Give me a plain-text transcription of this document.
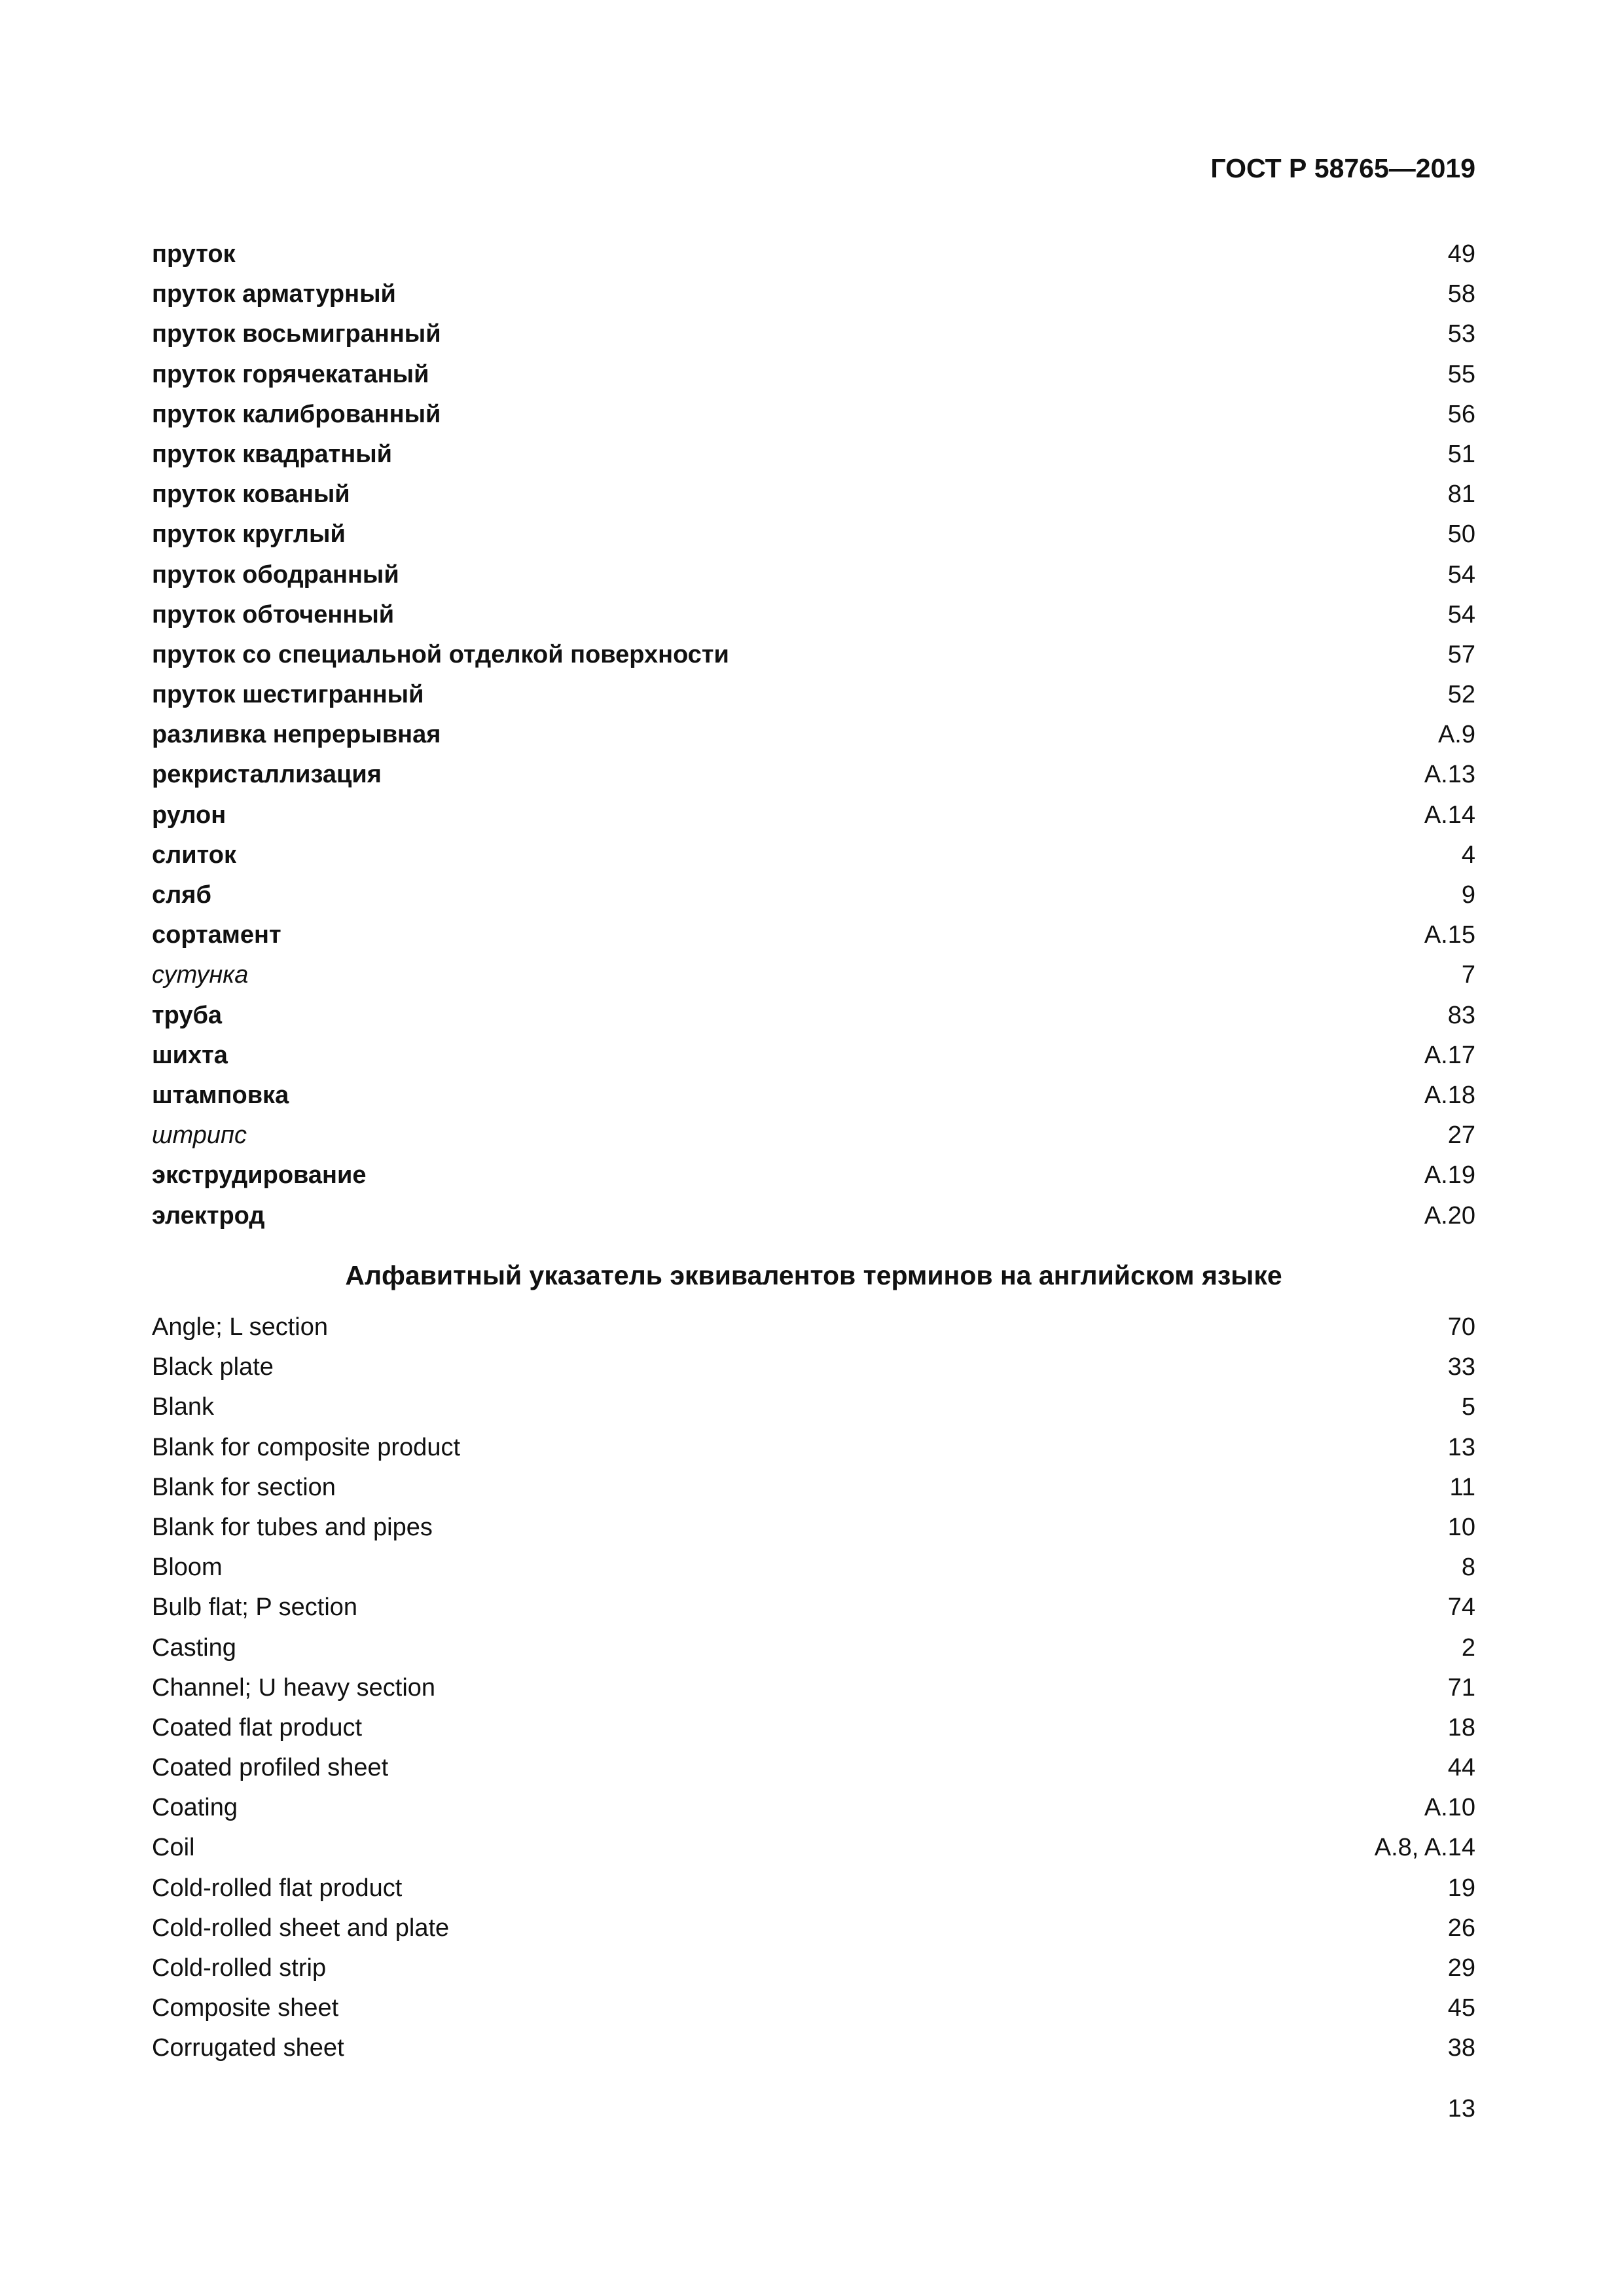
ГОСТ Р 58765—2019
пруток	49
пруток арматурный	58
пруток восьмигранный	53
пруток горячекатаный	55
пруток калиброванный	56
пруток квадратный	51
пруток кованый	81
пруток круглый	50
пруток ободранный	54
пруток обточенный	54
пруток со специальной отделкой поверхности	57
пруток шестигранный	52
разливка непрерывная	А.9
рекристаллизация	А.13
рулон	А.14
слиток	4
сляб	9
сортамент	А.15
сутунка	7
труба	83
шихта	А.17
штамповка	А.18
штрипс	27
экструдирование	А.19
электрод	А.20
Алфавитный указатель эквивалентов терминов на английском языке
Angle; L section	70
Black plate	33
Blank	5
Blank for composite product	13
Blank for section	11
Blank for tubes and pipes	10
Bloom	8
Bulb flat; P section	74
Casting	2
Channel; U heavy section	71
Coated flat product	18
Coated profiled sheet	44
Coating	A.10
Coil	A.8, A.14
Cold-rolled flat product	19
Cold-rolled sheet and plate	26
Cold-rolled strip	29
Composite sheet	45
Corrugated sheet	38
13
